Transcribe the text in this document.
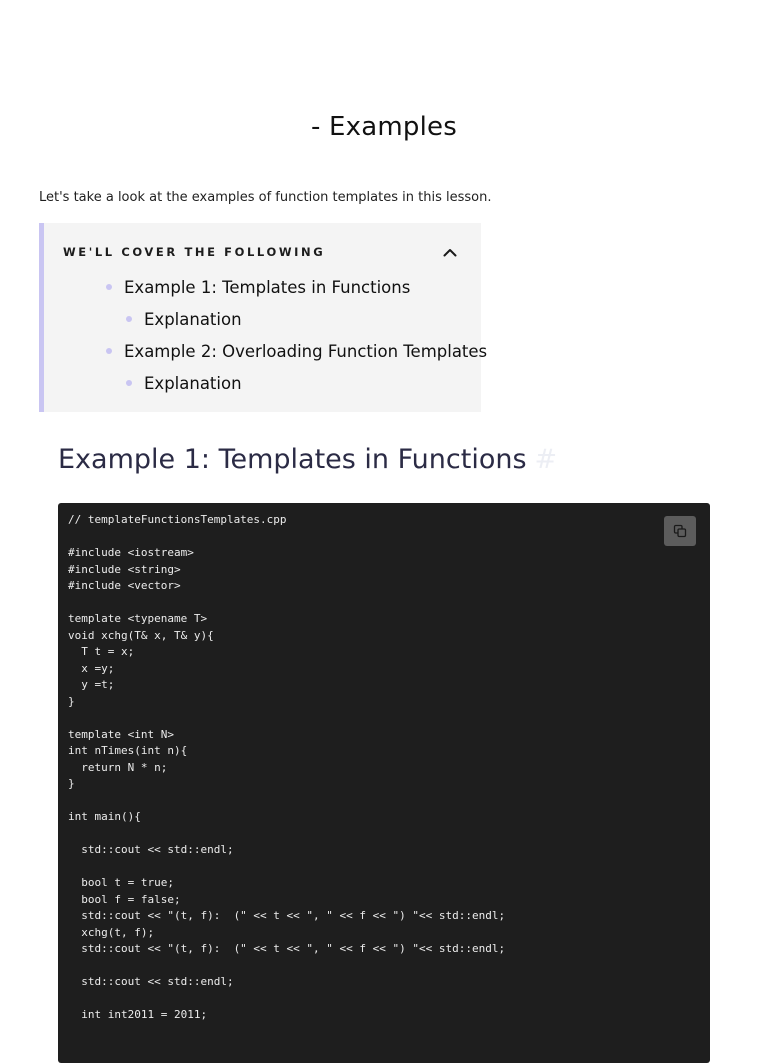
- Examples

Let's take a look at the examples of function templates in this lesson.

WE'LL COVER THE FOLLOWING
Example 1: Templates in Functions
Explanation
Example 2: Overloading Function Templates
Explanation
Example 1: Templates in Functions #
// templateFunctionsTemplates.cpp

#include <iostream>
#include <string>
#include <vector>

template <typename T>
void xchg(T& x, T& y){
T t = x;
x =y;
y =t;
}

template <int N>
int nTimes(int n){
return N * n;
}

int main(){

std::cout << std::endl;

bool t = true;
bool f = false;
std::cout << "(t, f):  (" << t << ", " << f << ") "<< std::endl;
xchg(t, f);
std::cout << "(t, f):  (" << t << ", " << f << ") "<< std::endl;

std::cout << std::endl;

int int2011 = 2011;
